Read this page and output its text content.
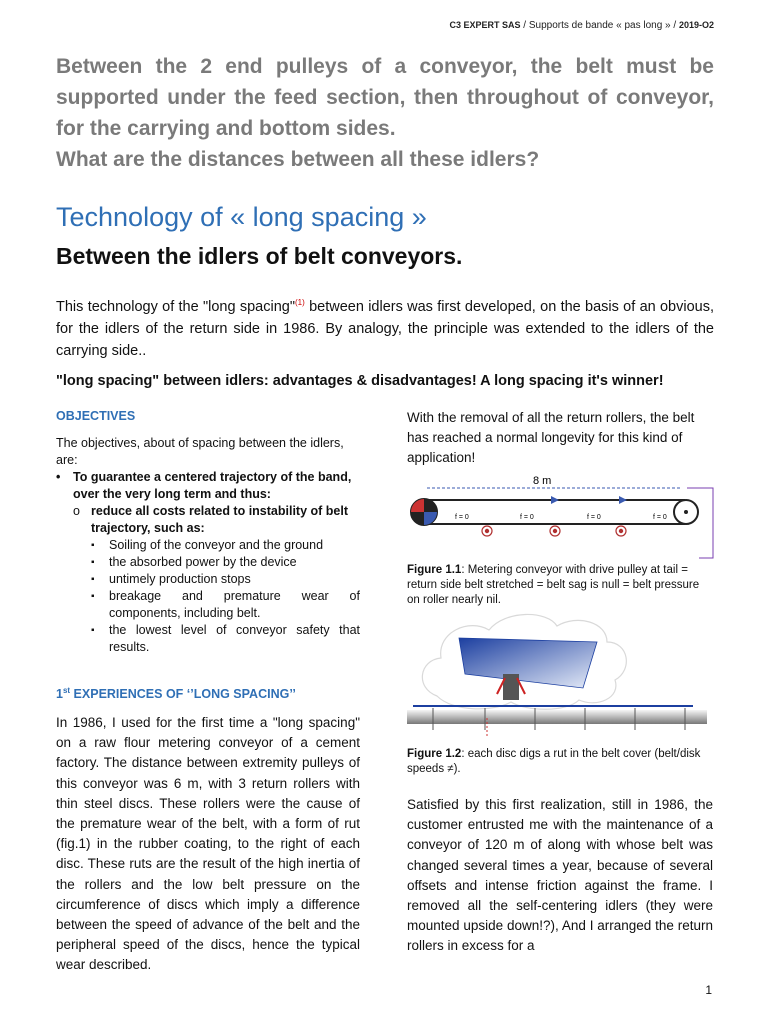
C3 EXPERT SAS / Supports de bande « pas long » / 2019-O2

Between the 2 end pulleys of a conveyor, the belt must be supported under the feed section, then throughout of conveyor, for the carrying and bottom sides.

What are the distances between all these idlers?

Technology of « long spacing »
Between the idlers of belt conveyors.
This technology of the "long spacing"$^{(1)}$ between idlers was first developed, on the basis of an obvious, for the idlers of the return side in 1986. By analogy, the principle was extended to the idlers of the carrying side..
"long spacing" between idlers: advantages & disadvantages! A long spacing it's winner!
OBJECTIVES

The objectives, about of spacing between the idlers, are:

• To guarantee a centered trajectory of the band, over the very long term and thus:
o reduce all costs related to instability of belt trajectory, such as:
▪ Soiling of the conveyor and the ground
▪ the absorbed power by the device
▪ untimely production stops
▪ breakage and premature wear of components, including belt.
▪ the lowest level of conveyor safety that results.
1st EXPERIENCES OF ‘’LONG SPACING’’
In 1986, I used for the first time a "long spacing" on a raw flour metering conveyor of a cement factory. The distance between extremity pulleys of this conveyor was 6 m, with 3 return rollers with thin steel discs. These rollers were the cause of the premature wear of the belt, with a form of rut (fig.1) in the rubber coating, to the right of each disc. These ruts are the result of the high inertia of the rollers and the low belt pressure on the circumference of discs which imply a difference between the speed of advance of the belt and the peripheral speed of the discs, hence the typical wear described.
With the removal of all the return rollers, the belt has reached a normal longevity for this kind of application!
8 m
f = 0	f = 0	f = 0	f = 0
Figure 1.1: Metering conveyor with drive pulley at tail = return side belt stretched = belt sag is null = belt pressure on roller nearly nil.
Figure 1.2: each disc digs a rut in the belt cover (belt/disk speeds ≠).
Satisfied by this first realization, still in 1986, the customer entrusted me with the maintenance of a conveyor of 120 m of along with whose belt was changed several times a year, because of several offsets and intense friction against the frame. I removed all the self-centering idlers (they were mounted upside down!?), And I arranged the return rollers in excess for a
1
